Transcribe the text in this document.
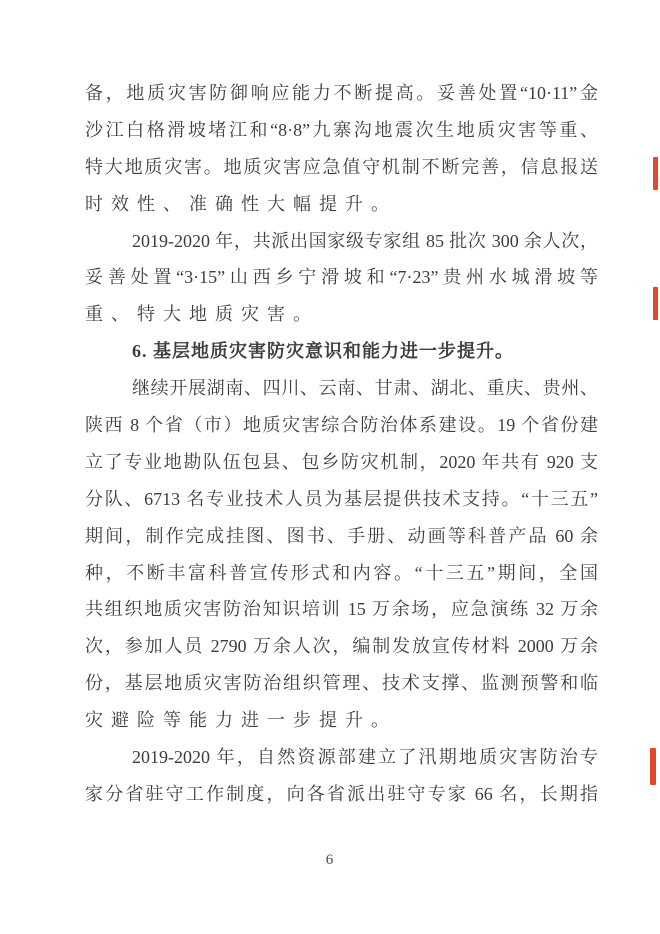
备，地质灾害防御响应能力不断提高。妥善处置“10·11”金
沙江白格滑坡堵江和“8·8”九寨沟地震次生地质灾害等重、
特大地质灾害。地质灾害应急值守机制不断完善，信息报送
时效性、准确性大幅提升。
2019-2020 年，共派出国家级专家组 85 批次 300 余人次，
妥善处置“3·15”山西乡宁滑坡和“7·23”贵州水城滑坡等
重、特大地质灾害。
6. 基层地质灾害防灾意识和能力进一步提升。
继续开展湖南、四川、云南、甘肃、湖北、重庆、贵州、
陕西 8 个省（市）地质灾害综合防治体系建设。19 个省份建
立了专业地勘队伍包县、包乡防灾机制，2020 年共有 920 支
分队、6713 名专业技术人员为基层提供技术支持。“十三五”
期间，制作完成挂图、图书、手册、动画等科普产品 60 余
种，不断丰富科普宣传形式和内容。“十三五”期间，全国
共组织地质灾害防治知识培训 15 万余场，应急演练 32 万余
次，参加人员 2790 万余人次，编制发放宣传材料 2000 万余
份，基层地质灾害防治组织管理、技术支撑、监测预警和临
灾避险等能力进一步提升。
2019-2020 年，自然资源部建立了汛期地质灾害防治专
家分省驻守工作制度，向各省派出驻守专家 66 名，长期指
6
